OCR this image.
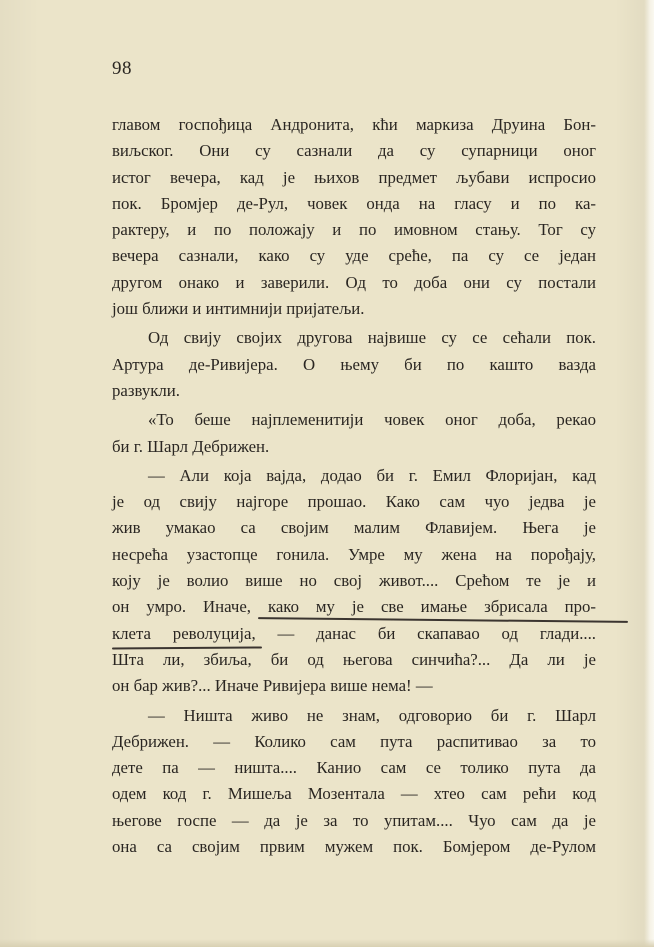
98
главом госпођица Андронита, кћи маркиза Друина Бон-
виљског. Они су сазнали да су супарници оног
истог вечера, кад је њихов предмет љубави испросио
пок. Бромјер де-Рул, човек онда на гласу и по ка-
рактеру, и по положају и по имовном стању. Тог су
вечера сазнали, како су уде среће, па су се један
другом онако и заверили. Од то доба они су постали
још ближи и интимнији пријатељи.
Од свију својих другова највише су се сећали пок.
Артура де-Ривијера. О њему би по кашто вазда
развукли.
«То беше најплеменитији човек оног доба, рекао
би г. Шарл Дебрижен.
— Али која вајда, додао би г. Емил Флоријан, кад
је од свију најгоре прошао. Како сам чуо једва је
жив умакао са својим малим Флавијем. Њега је
несрећа узастопце гонила. Умре му жена на порођају,
коју је волио више но свој живот.... Срећом те је и
он умро. Иначе, како му је све имање збрисала про-
клета револуција, — данас би скапавао од глади....
Шта ли, збиља, би од његова синчића?... Да ли је
он бар жив?... Иначе Ривијера више нема! —
— Ништа живо не знам, одговорио би г. Шарл
Дебрижен. — Колико сам пута распитивао за то
дете па — ништа.... Канио сам се толико пута да
одем код г. Мишеља Мозентала — хтео сам рећи код
његове госпе — да је за то упитам.... Чуо сам да је
она са својим првим мужем пок. Бомјером де-Рулом
